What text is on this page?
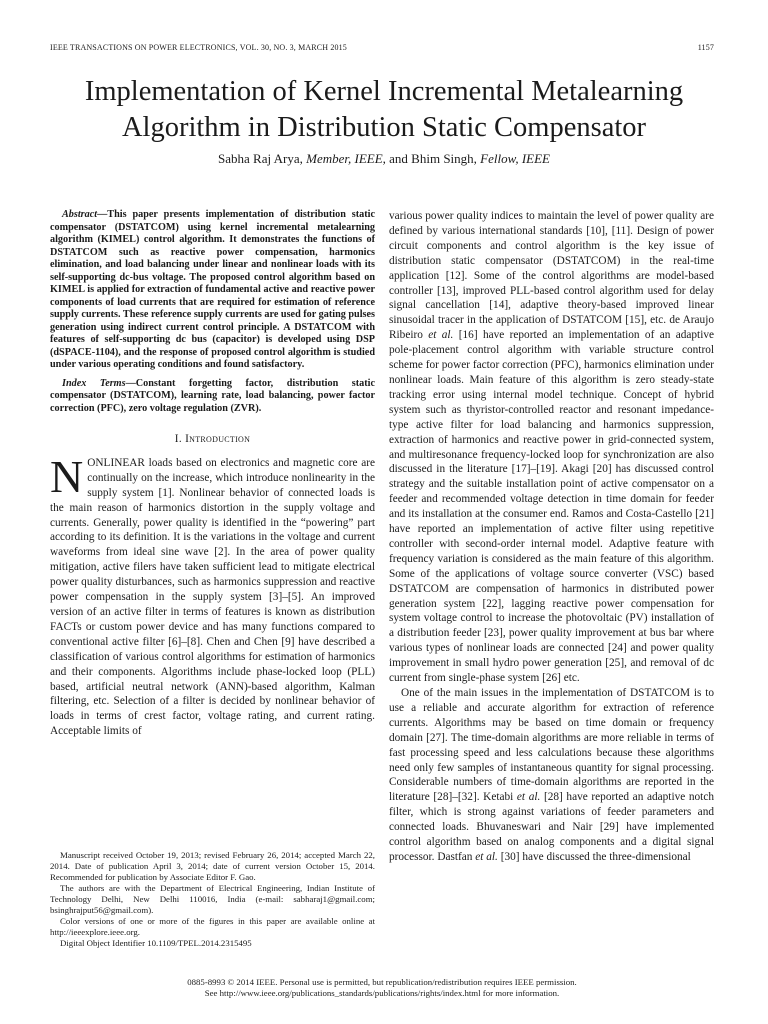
IEEE TRANSACTIONS ON POWER ELECTRONICS, VOL. 30, NO. 3, MARCH 2015	1157
Implementation of Kernel Incremental Metalearning
Algorithm in Distribution Static Compensator
Sabha Raj Arya, Member, IEEE, and Bhim Singh, Fellow, IEEE

Abstract—This paper presents implementation of distribution static compensator (DSTATCOM) using kernel incremental metalearning algorithm (KIMEL) control algorithm. It demonstrates the functions of DSTATCOM such as reactive power compensation, harmonics elimination, and load balancing under linear and nonlinear loads with its self-supporting dc-bus voltage. The proposed control algorithm based on KIMEL is applied for extraction of fundamental active and reactive power components of load currents that are required for estimation of reference supply currents. These reference supply currents are used for gating pulses generation using indirect current control principle. A DSTATCOM with features of self-supporting dc bus (capacitor) is developed using DSP (dSPACE-1104), and the response of proposed control algorithm is studied under various operating conditions and found satisfactory.

Index Terms—Constant forgetting factor, distribution static compensator (DSTATCOM), learning rate, load balancing, power factor correction (PFC), zero voltage regulation (ZVR).

I. Introduction

NONLINEAR loads based on electronics and magnetic core are continually on the increase, which introduce nonlinearity in the supply system [1]. Nonlinear behavior of connected loads is the main reason of harmonics distortion in the supply voltage and currents. Generally, power quality is identified in the “powering” part according to its definition. It is the variations in the voltage and current waveforms from ideal sine wave [2]. In the area of power quality mitigation, active filers have taken sufficient lead to mitigate electrical power quality disturbances, such as harmonics suppression and reactive power compensation in the supply system [3]–[5]. An improved version of an active filter in terms of features is known as distribution FACTs or custom power device and has many functions compared to conventional active filter [6]–[8]. Chen and Chen [9] have described a classification of various control algorithms for estimation of harmonics and their components. Algorithms include phase-locked loop (PLL) based, artificial neutral network (ANN)-based algorithm, Kalman filtering, etc. Selection of a filter is decided by nonlinear behavior of loads in terms of crest factor, voltage rating, and current rating. Acceptable limits of

various power quality indices to maintain the level of power quality are defined by various international standards [10], [11]. Design of power circuit components and control algorithm is the key issue of distribution static compensator (DSTATCOM) in the real-time application [12]. Some of the control algorithms are model-based controller [13], improved PLL-based control algorithm used for delay signal cancellation [14], adaptive theory-based improved linear sinusoidal tracer in the application of DSTATCOM [15], etc. de Araujo Ribeiro et al. [16] have reported an implementation of an adaptive pole-placement control algorithm with variable structure control scheme for power factor correction (PFC), harmonics elimination under nonlinear loads. Main feature of this algorithm is zero steady-state tracking error using internal model technique. Concept of hybrid system such as thyristor-controlled reactor and resonant impedance-type active filter for load balancing and harmonics suppression, extraction of harmonics and reactive power in grid-connected system, and multiresonance frequency-locked loop for synchronization are also discussed in the literature [17]–[19]. Akagi [20] has discussed control strategy and the suitable installation point of active compensator on a feeder and recommended voltage detection in time domain for feeder and its installation at the consumer end. Ramos and Costa-Castello [21] have reported an implementation of active filter using repetitive controller with second-order internal model. Adaptive feature with frequency variation is considered as the main feature of this algorithm. Some of the applications of voltage source converter (VSC) based DSTATCOM are compensation of harmonics in distributed power generation system [22], lagging reactive power compensation for system voltage control to increase the photovoltaic (PV) installation of a distribution feeder [23], power quality improvement at bus bar where various types of nonlinear loads are connected [24] and power quality improvement in small hydro power generation [25], and removal of dc current from single-phase system [26] etc.

One of the main issues in the implementation of DSTATCOM is to use a reliable and accurate algorithm for extraction of reference currents. Algorithms may be based on time domain or frequency domain [27]. The time-domain algorithms are more reliable in terms of fast processing speed and less calculations because these algorithms need only few samples of instantaneous quantity for signal processing. Considerable numbers of time-domain algorithms are reported in the literature [28]–[32]. Ketabi et al. [28] have reported an adaptive notch filter, which is strong against variations of feeder parameters and connected loads. Bhuvaneswari and Nair [29] have implemented control algorithm based on analog components and a digital signal processor. Dastfan et al. [30] have discussed the three-dimensional

Manuscript received October 19, 2013; revised February 26, 2014; accepted March 22, 2014. Date of publication April 3, 2014; date of current version October 15, 2014. Recommended for publication by Associate Editor F. Gao.

The authors are with the Department of Electrical Engineering, Indian Institute of Technology Delhi, New Delhi 110016, India (e-mail: sabharaj1@gmail.com; bsinghrajput56@gmail.com).

Color versions of one or more of the figures in this paper are available online at http://ieeexplore.ieee.org.

Digital Object Identifier 10.1109/TPEL.2014.2315495

0885-8993 © 2014 IEEE. Personal use is permitted, but republication/redistribution requires IEEE permission.
See http://www.ieee.org/publications_standards/publications/rights/index.html for more information.
